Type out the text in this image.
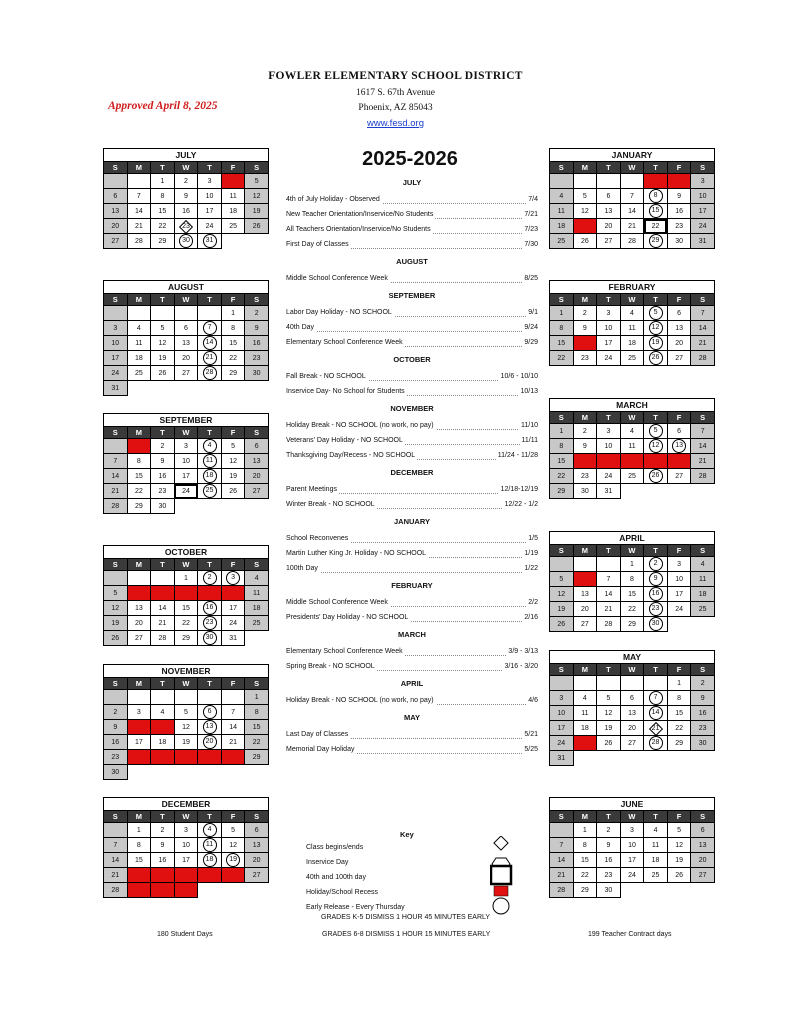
FOWLER ELEMENTARY SCHOOL DISTRICT
1617 S. 67th Avenue
Phoenix, AZ 85043
www.fesd.org
Approved April 8, 2025
2025-2026
JULY
S	M	T	W	T	F	S
		1	2	3	4	5
6	7	8	9	10	11	12
13	14	15	16	17	18	19
20	21	22	23	24	25	26
27	28	29	30	31		
AUGUST
S	M	T	W	T	F	S
					1	2
3	4	5	6	7	8	9
10	11	12	13	14	15	16
17	18	19	20	21	22	23
24	25	26	27	28	29	30
31						
SEPTEMBER
S	M	T	W	T	F	S
	1	2	3	4	5	6
7	8	9	10	11	12	13
14	15	16	17	18	19	20
21	22	23	24	25	26	27
28	29	30				
OCTOBER
S	M	T	W	T	F	S
			1	2	3	4
5	6	7	8	9	10	11
12	13	14	15	16	17	18
19	20	21	22	23	24	25
26	27	28	29	30	31	
NOVEMBER
S	M	T	W	T	F	S
						1
2	3	4	5	6	7	8
9	10	11	12	13	14	15
16	17	18	19	20	21	22
23	24	25	26	27	28	29
30						
DECEMBER
S	M	T	W	T	F	S
	1	2	3	4	5	6
7	8	9	10	11	12	13
14	15	16	17	18	19	20
21	22	23	24	25	26	27
28	29	30	31			
JANUARY
S	M	T	W	T	F	S
				1	2	3
4	5	6	7	8	9	10
11	12	13	14	15	16	17
18	19	20	21	22	23	24
25	26	27	28	29	30	31
FEBRUARY
S	M	T	W	T	F	S
1	2	3	4	5	6	7
8	9	10	11	12	13	14
15	16	17	18	19	20	21
22	23	24	25	26	27	28
MARCH
S	M	T	W	T	F	S
1	2	3	4	5	6	7
8	9	10	11	12	13	14
15	16	17	18	19	20	21
22	23	24	25	26	27	28
29	30	31				
APRIL
S	M	T	W	T	F	S
			1	2	3	4
5	6	7	8	9	10	11
12	13	14	15	16	17	18
19	20	21	22	23	24	25
26	27	28	29	30		
MAY
S	M	T	W	T	F	S
					1	2
3	4	5	6	7	8	9
10	11	12	13	14	15	16
17	18	19	20	21	22	23
24	25	26	27	28	29	30
31						
JUNE
S	M	T	W	T	F	S
	1	2	3	4	5	6
7	8	9	10	11	12	13
14	15	16	17	18	19	20
21	22	23	24	25	26	27
28	29	30				
JULY
4th of July Holiday - Observed	7/4
New Teacher Orientation/Inservice/No Students	7/21
All Teachers Orientation/Inservice/No Students	7/23
First Day of Classes	7/30
AUGUST
Middle School Conference Week	8/25
SEPTEMBER
Labor Day Holiday - NO SCHOOL	9/1
40th Day	9/24
Elementary School Conference Week	9/29
OCTOBER
Fall Break - NO SCHOOL	10/6 - 10/10
Inservice Day- No School for Students	10/13
NOVEMBER
Holiday Break - NO SCHOOL (no work, no pay)	11/10
Veterans' Day Holiday - NO SCHOOL	11/11
Thanksgiving Day/Recess - NO SCHOOL	11/24 - 11/28
DECEMBER
Parent Meetings	12/18-12/19
Winter Break - NO SCHOOL	12/22 - 1/2
JANUARY
School Reconvenes	1/5
Martin Luther King Jr. Holiday - NO SCHOOL	1/19
100th Day	1/22
FEBRUARY
Middle School Conference Week	2/2
Presidents' Day Holiday - NO SCHOOL	2/16
MARCH
Elementary School Conference Week	3/9 - 3/13
Spring Break - NO SCHOOL	3/16 - 3/20
APRIL
Holiday Break - NO SCHOOL (no work, no pay)	4/6
MAY
Last Day of Classes	5/21
Memorial Day Holiday	5/25
Key
Class begins/ends
Inservice Day
40th and 100th day
Holiday/School Recess
Early Release - Every Thursday
GRADES K-5 DISMISS 1 HOUR 45 MINUTES EARLY
GRADES 6-8 DISMISS 1 HOUR 15 MINUTES EARLY
180 Student Days	199 Teacher Contract days
